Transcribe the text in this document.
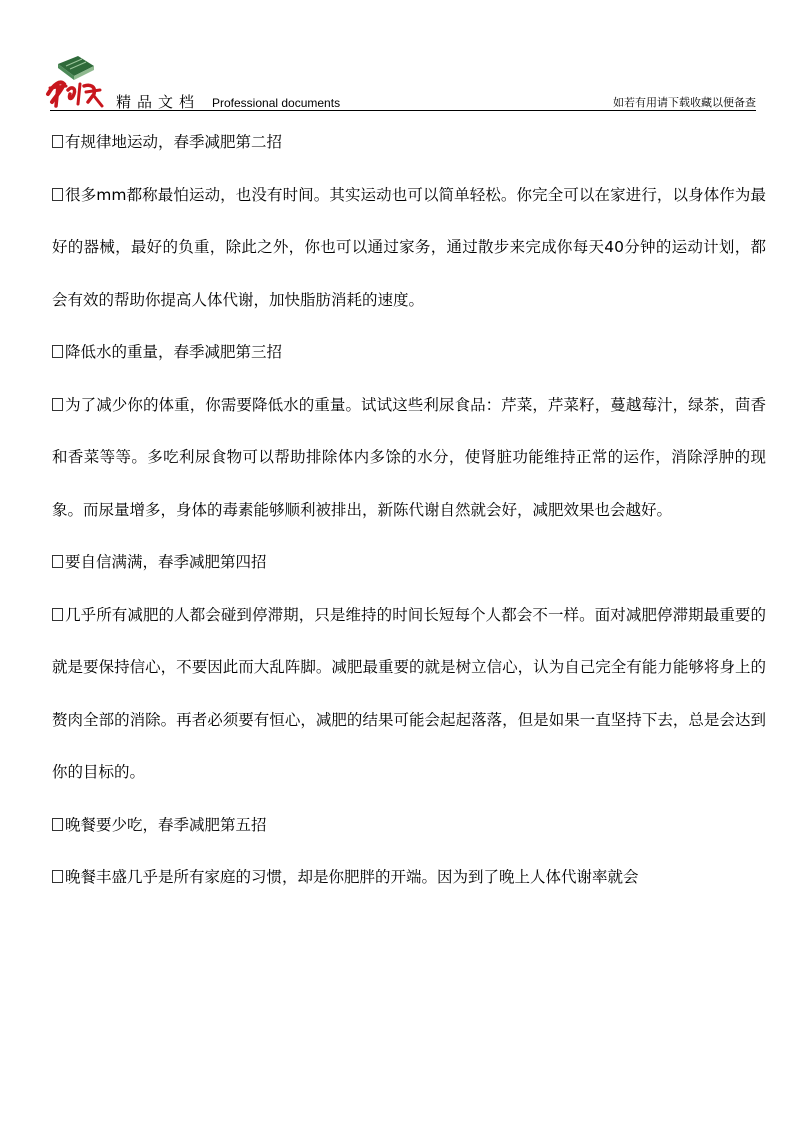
精品文档 Professional documents	如若有用请下载收藏以便备查

有规律地运动，春季减肥第二招

很多mm都称最怕运动，也没有时间。其实运动也可以简单轻松。你完全可以在家进行，以身体作为最好的器械，最好的负重，除此之外，你也可以通过家务，通过散步来完成你每天40分钟的运动计划，都会有效的帮助你提高人体代谢，加快脂肪消耗的速度。

降低水的重量，春季减肥第三招

为了减少你的体重，你需要降低水的重量。试试这些利尿食品：芹菜，芹菜籽，蔓越莓汁，绿茶，茴香和香菜等等。多吃利尿食物可以帮助排除体内多馀的水分，使肾脏功能维持正常的运作，消除浮肿的现象。而尿量增多，身体的毒素能够顺利被排出，新陈代谢自然就会好，减肥效果也会越好。

要自信满满，春季减肥第四招

几乎所有减肥的人都会碰到停滞期，只是维持的时间长短每个人都会不一样。面对减肥停滞期最重要的就是要保持信心，不要因此而大乱阵脚。减肥最重要的就是树立信心，认为自己完全有能力能够将身上的赘肉全部的消除。再者必须要有恒心，减肥的结果可能会起起落落，但是如果一直坚持下去，总是会达到你的目标的。

晚餐要少吃，春季减肥第五招

晚餐丰盛几乎是所有家庭的习惯，却是你肥胖的开端。因为到了晚上人体代谢率就会
